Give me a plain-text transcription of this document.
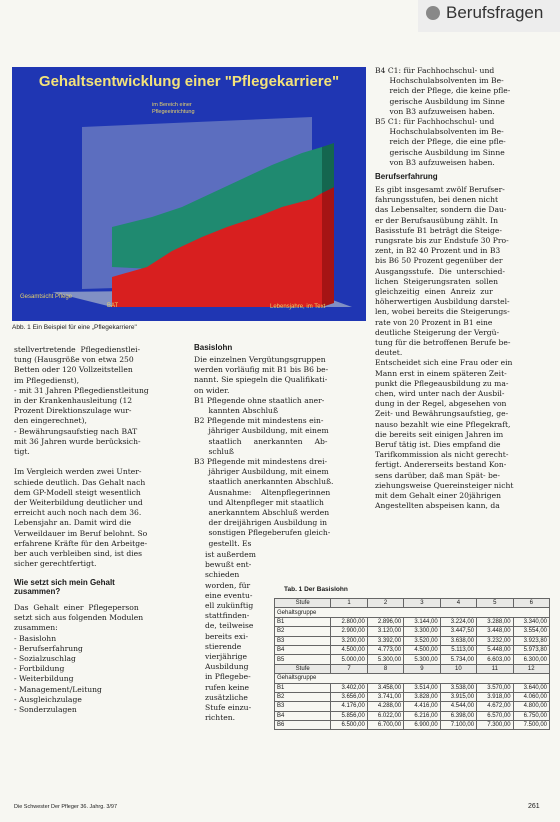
Berufsfragen
Gehaltsentwicklung einer "Pflegekarriere"
im Bereich einer
Pflegeeinrichtung
Gesamtsicht Pflege
BAT	Lebensjahre, im Text
Abb. 1 Ein Beispiel für eine „Pflegekarriere"
stellvertretende  Pflegedienstlei-
tung (Hausgröße von etwa 250
Betten oder 120 Vollzeitstellen
im Pflegedienst),
- mit 31 Jahren Pflegedienstleitung
in der Krankenhausleitung (12
Prozent Direktionszulage wur-
den eingerechnet),
- Bewährungsaufstieg nach BAT
mit 36 Jahren wurde berücksich-
tigt.
Im Vergleich werden zwei Unter-
schiede deutlich. Das Gehalt nach
dem GP-Modell steigt wesentlich
der Weiterbildung deutlicher und
erreicht auch noch nach dem 36.
Lebensjahr an. Damit wird die
Verweildauer im Beruf belohnt. So
erfahrene Kräfte für den Arbeitge-
ber auch verbleiben sind, ist dies
sicher gerechtfertigt.
Wie setzt sich mein Gehalt
zusammen?
Das  Gehalt  einer  Pflegeperson
setzt sich aus folgenden Modulen
zusammen:
- Basislohn
- Berufserfahrung
- Sozialzuschlag
- Fortbildung
- Weiterbildung
- Management/Leitung
- Ausgleichzulage
- Sonderzulagen
Basislohn
Die einzelnen Vergütungsgruppen
werden vorläufig mit B1 bis B6 be-
nannt. Sie spiegeln die Qualifikati-
on wider.
B1 Pflegende ohne staatlich aner-
kannten Abschluß
B2 Pflegende mit mindestens ein-
jähriger Ausbildung, mit einem
staatlich     anerkannten     Ab-
schluß
B3 Pflegende mit mindestens drei-
jähriger Ausbildung, mit einem
staatlich anerkannten Abschluß.
Ausnahme:    Altenpflegerinnen
und Altenpfleger mit staatlich
anerkanntem Abschluß werden
der dreijährigen Ausbildung in
sonstigen Pflegeberufen gleich-
gestellt. Es
ist außerdem
bewußt ent-
schieden
worden, für
eine eventu-
ell zukünftig
stattfinden-
de, teilweise
bereits exi-
stierende
vierjährige
Ausbildung
in Pflegebe-
rufen keine
zusätzliche
Stufe einzu-
richten.
B4 C1: für Fachhochschul- und
Hochschulabsolventen im Be-
reich der Pflege, die keine pfle-
gerische Ausbildung im Sinne
von B3 aufzuweisen haben.
B5 C1: für Fachhochschul- und
Hochschulabsolventen im Be-
reich der Pflege, die eine pfle-
gerische Ausbildung im Sinne
von B3 aufzuweisen haben.
Berufserfahrung
Es gibt insgesamt zwölf Berufser-
fahrungsstufen, bei denen nicht
das Lebensalter, sondern die Dau-
er der Berufsausübung zählt. In
Basisstufe B1 beträgt die Steige-
rungsrate bis zur Endstufe 30 Pro-
zent, in B2 40 Prozent und in B3
bis B6 50 Prozent gegenüber der
Ausgangsstufe.  Die  unterschied-
lichen  Steigerungsraten  sollen
gleichzeitig  einen  Anreiz  zur
höherwertigen Ausbildung darstel-
len, wobei bereits die Steigerungs-
rate von 20 Prozent in B1 eine
deutliche Steigerung der Vergü-
tung für die betroffenen Berufe be-
deutet.
Entscheidet sich eine Frau oder ein
Mann erst in einem späteren Zeit-
punkt die Pflegeausbildung zu ma-
chen, wird unter nach der Ausbil-
dung in der Regel, abgesehen von
Zeit- und Bewährungsaufstieg, ge-
nauso bezahlt wie eine Pflegekraft,
die bereits seit einigen Jahren im
Beruf tätig ist. Dies empfand die
Tarifkommission als nicht gerecht-
fertigt. Andererseits bestand Kon-
sens darüber, daß man Spät- be-
ziehungsweise Quereinsteiger nicht
mit dem Gehalt einer 20jährigen
Angestellten abspeisen kann, da
Tab. 1 Der Basislohn
Stufe	1	2	3	4	5	6
Gehaltsgruppe						
B1	2.800,00	2.896,00	3.144,00	3.224,00	3.288,00	3.340,00
B2	2.900,00	3.120,00	3.300,00	3.447,50	3.448,00	3.554,00
B3	3.200,00	3.392,00	3.520,00	3.638,00	3.232,00	3.923,80
B4	4.500,00	4.773,00	4.500,00	5.113,00	5.448,00	5.973,80
B5	5.000,00	5.300,00	5.300,00	5.734,00	6.603,00	6.300,00
Stufe	7	8	9	10	11	12
Gehaltsgruppe						
B1	3.402,00	3.458,00	3.514,00	3.538,00	3.570,00	3.640,00
B2	3.656,00	3.741,00	3.828,00	3.915,00	3.918,00	4.060,00
B3	4.176,00	4.288,00	4.416,00	4.544,00	4.672,00	4.800,00
B4	5.856,00	6.022,00	6.216,00	6.398,00	6.570,00	6.750,00
B6	6.500,00	6.700,00	6.900,00	7.100,00	7.300,00	7.500,00
Die Schwester Der Pfleger 36. Jahrg. 3/97	261
